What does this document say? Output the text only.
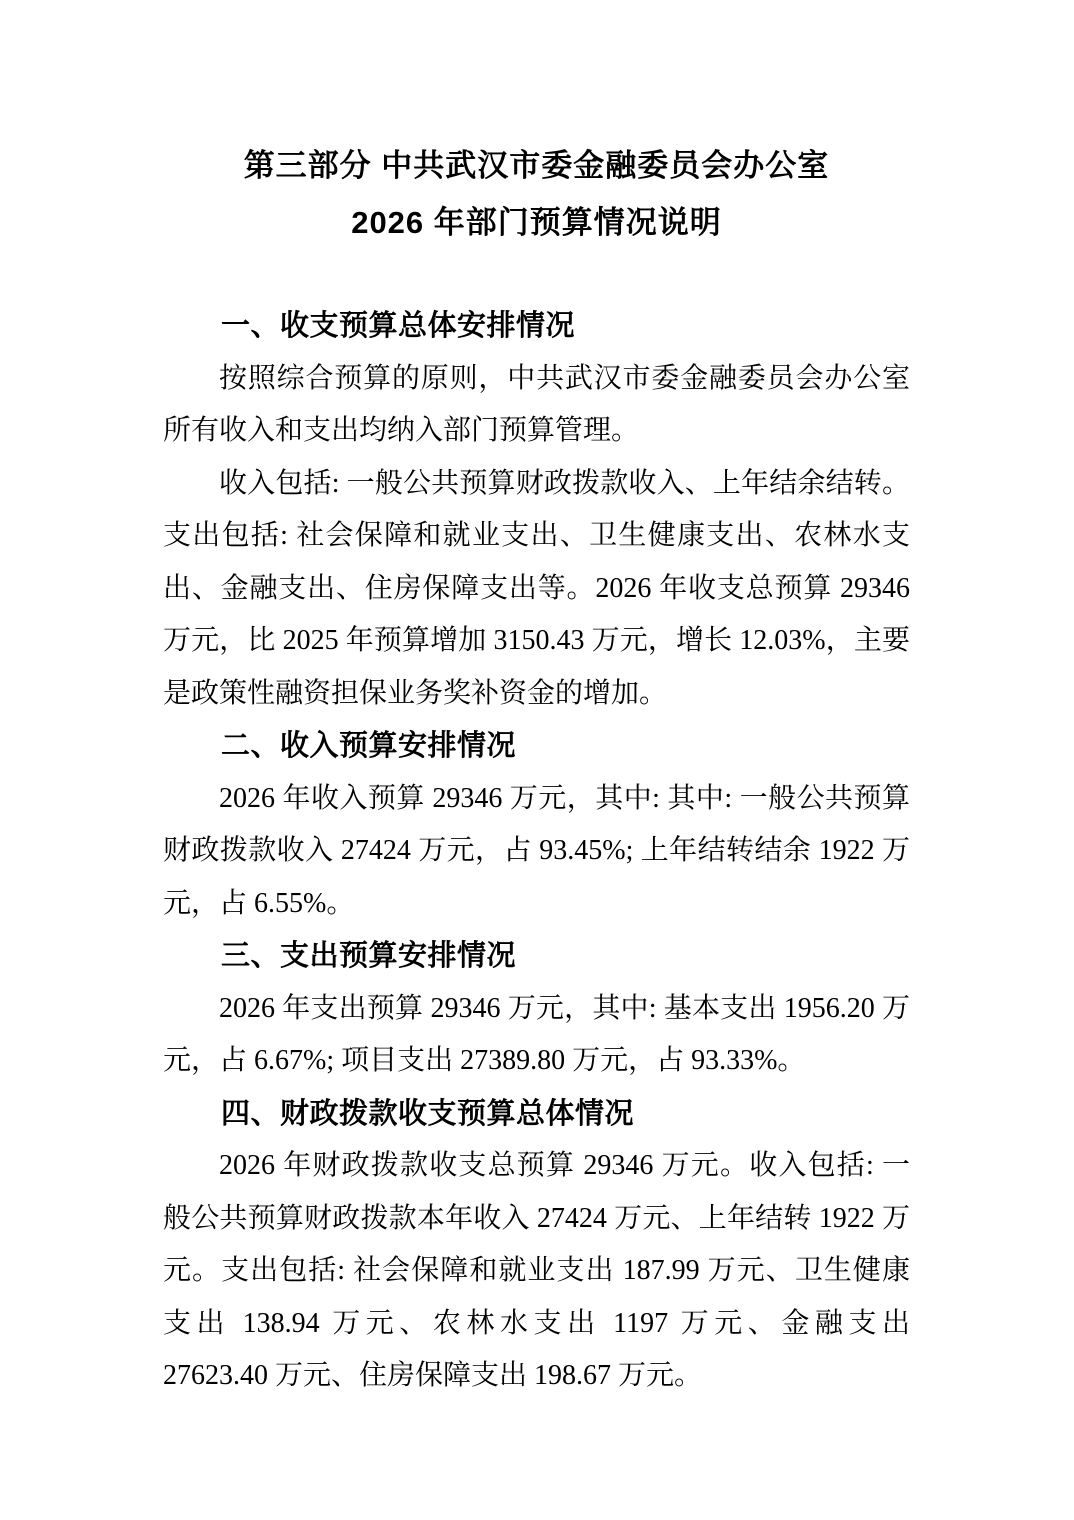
第三部分 中共武汉市委金融委员会办公室
2026 年部门预算情况说明
一、收支预算总体安排情况

按照综合预算的原则，中共武汉市委金融委员会办公室所有收入和支出均纳入部门预算管理。

收入包括: 一般公共预算财政拨款收入、上年结余结转。支出包括: 社会保障和就业支出、卫生健康支出、农林水支出、金融支出、住房保障支出等。2026 年收支总预算 29346 万元，比 2025 年预算增加 3150.43 万元，增长 12.03%，主要是政策性融资担保业务奖补资金的增加。

二、收入预算安排情况

2026 年收入预算 29346 万元，其中: 其中: 一般公共预算财政拨款收入 27424 万元，占 93.45%; 上年结转结余 1922 万元，占 6.55%。

三、支出预算安排情况

2026 年支出预算 29346 万元，其中: 基本支出 1956.20 万元，占 6.67%; 项目支出 27389.80 万元，占 93.33%。

四、财政拨款收支预算总体情况

2026 年财政拨款收支总预算 29346 万元。收入包括: 一般公共预算财政拨款本年收入 27424 万元、上年结转 1922 万元。支出包括: 社会保障和就业支出 187.99 万元、卫生健康支出 138.94 万元、农林水支出 1197 万元、金融支出 27623.40 万元、住房保障支出 198.67 万元。
